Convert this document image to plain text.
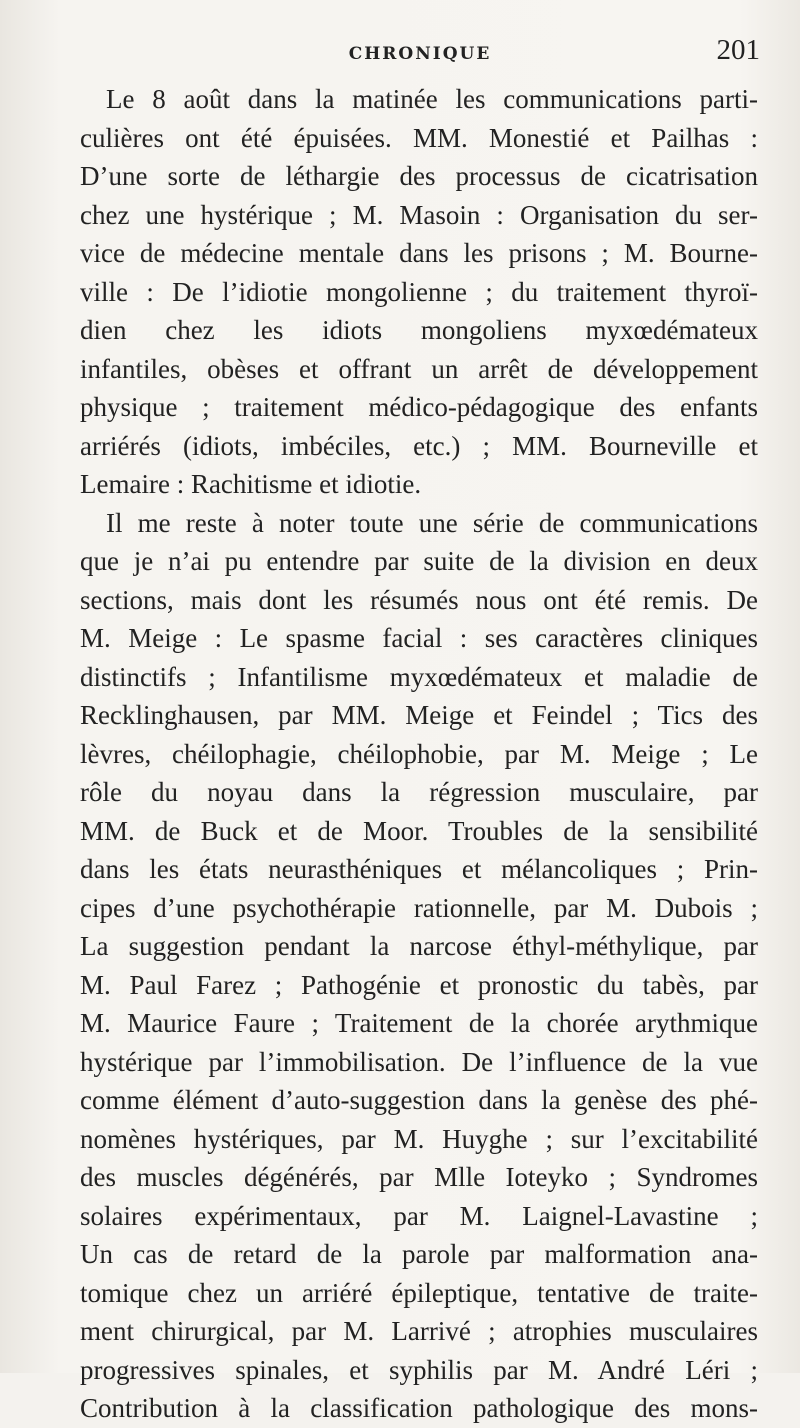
CHRONIQUE	201
Le 8 août dans la matinée les communications parti-
culières ont été épuisées. MM. Monestié et Pailhas :
D’une sorte de léthargie des processus de cicatrisation
chez une hystérique ; M. Masoin : Organisation du ser-
vice de médecine mentale dans les prisons ; M. Bourne-
ville : De l’idiotie mongolienne ; du traitement thyroï-
dien chez les idiots mongoliens myxœdémateux
infantiles, obèses et offrant un arrêt de développement
physique ; traitement médico-pédagogique des enfants
arriérés (idiots, imbéciles, etc.) ; MM. Bourneville et
Lemaire : Rachitisme et idiotie.
Il me reste à noter toute une série de communications
que je n’ai pu entendre par suite de la division en deux
sections, mais dont les résumés nous ont été remis. De
M. Meige : Le spasme facial : ses caractères cliniques
distinctifs ; Infantilisme myxœdémateux et maladie de
Recklinghausen, par MM. Meige et Feindel ; Tics des
lèvres, chéilophagie, chéilophobie, par M. Meige ; Le
rôle du noyau dans la régression musculaire, par
MM. de Buck et de Moor. Troubles de la sensibilité
dans les états neurasthéniques et mélancoliques ; Prin-
cipes d’une psychothérapie rationnelle, par M. Dubois ;
La suggestion pendant la narcose éthyl-méthylique, par
M. Paul Farez ; Pathogénie et pronostic du tabès, par
M. Maurice Faure ; Traitement de la chorée arythmique
hystérique par l’immobilisation. De l’influence de la vue
comme élément d’auto-suggestion dans la genèse des phé-
nomènes hystériques, par M. Huyghe ; sur l’excitabilité
des muscles dégénérés, par Mlle Ioteyko ; Syndromes
solaires expérimentaux, par M. Laignel-Lavastine ;
Un cas de retard de la parole par malformation ana-
tomique chez un arriéré épileptique, tentative de traite-
ment chirurgical, par M. Larrivé ; atrophies musculaires
progressives spinales, et syphilis par M. André Léri ;
Contribution à la classification pathologique des mons-
